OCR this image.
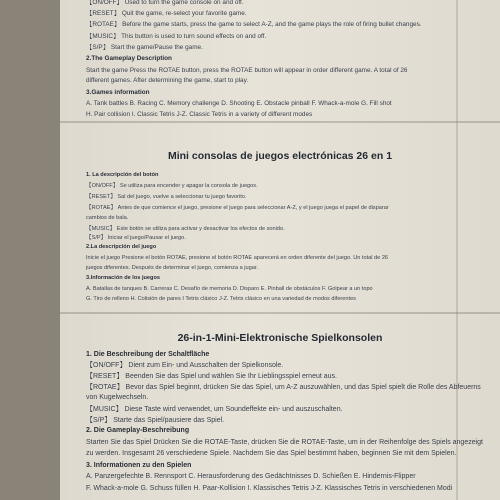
【ON/OFF】 Used to turn the game console on and off.
【RESET】 Quit the game, re-select your favorite game.
【ROTAE】 Before the game starts, press the game to select A-Z, and the game plays the role of firing bullet changes.
【MUSIC】 This button is used to turn sound effects on and off.
【S/P】 Start the game/Pause the game.
2.The Gameplay Description
Start the game Press the ROTAE button, press the ROTAE button will appear in order different game. A total of 26
different games. After determining the game, start to play.
3.Games information
A. Tank battles B. Racing C. Memory challenge D. Shooting E. Obstacle pinball F. Whack-a-mole G. Fill shot
H. Pair collision I. Classic Tetris J-Z. Classic Tetris in a variety of different modes
Mini consolas de juegos electrónicas 26 en 1
1. La descripción del botón
【ON/OFF】 Se utiliza para encender y apagar la consola de juegos.
【RESET】 Sal del juego, vuelve a seleccionar tu juego favorito.
【ROTAE】 Antes de que comience el juego, presione el juego para seleccionar A-Z, y el juego juega el papel de disparar
cambios de bala.
【MUSIC】 Este botón se utiliza para activar y desactivar los efectos de sonido.
【S/P】 Iniciar el juego/Pausar el juego.
2.La descripción del juego
Inicie el juego Presione el botón ROTAE, presione el botón ROTAE aparecerá en orden diferente del juego. Un total de 26
juegos diferentes. Después de determinar el juego, comienza a jugar.
3.Información de los juegos
A. Batallas de tanques B. Carreras C. Desafío de memoria D. Disparo E. Pinball de obstáculos F. Golpear a un topo
G. Tiro de relleno H. Colisión de pares I Tetris clásico J-Z. Tetris clásico en una variedad de modos diferentes
26-in-1-Mini-Elektronische Spielkonsolen
1. Die Beschreibung der Schaltfläche
【ON/OFF】 Dient zum Ein- und Ausschalten der Spielkonsole.
【RESET】 Beenden Sie das Spiel und wählen Sie Ihr Lieblingsspiel erneut aus.
【ROTAE】 Bevor das Spiel beginnt, drücken Sie das Spiel, um A-Z auszuwählen, und das Spiel spielt die Rolle des Abfeuerns
von Kugelwechseln.
【MUSIC】 Diese Taste wird verwendet, um Soundeffekte ein- und auszuschalten.
【S/P】 Starte das Spiel/pausiere das Spiel.
2. Die Gameplay-Beschreibung
Starten Sie das Spiel Drücken Sie die ROTAE-Taste, drücken Sie die ROTAE-Taste, um in der Reihenfolge des Spiels angezeigt
zu werden. Insgesamt 26 verschiedene Spiele. Nachdem Sie das Spiel bestimmt haben, beginnen Sie mit dem Spielen.
3. Informationen zu den Spielen
A. Panzergefechte B. Rennsport C. Herausforderung des Gedächtnisses D. Schießen E. Hindernis-Flipper
F. Whack-a-mole G. Schuss füllen H. Paar-Kollision I. Klassisches Tetris J-Z. Klassisches Tetris in verschiedenen Modi
